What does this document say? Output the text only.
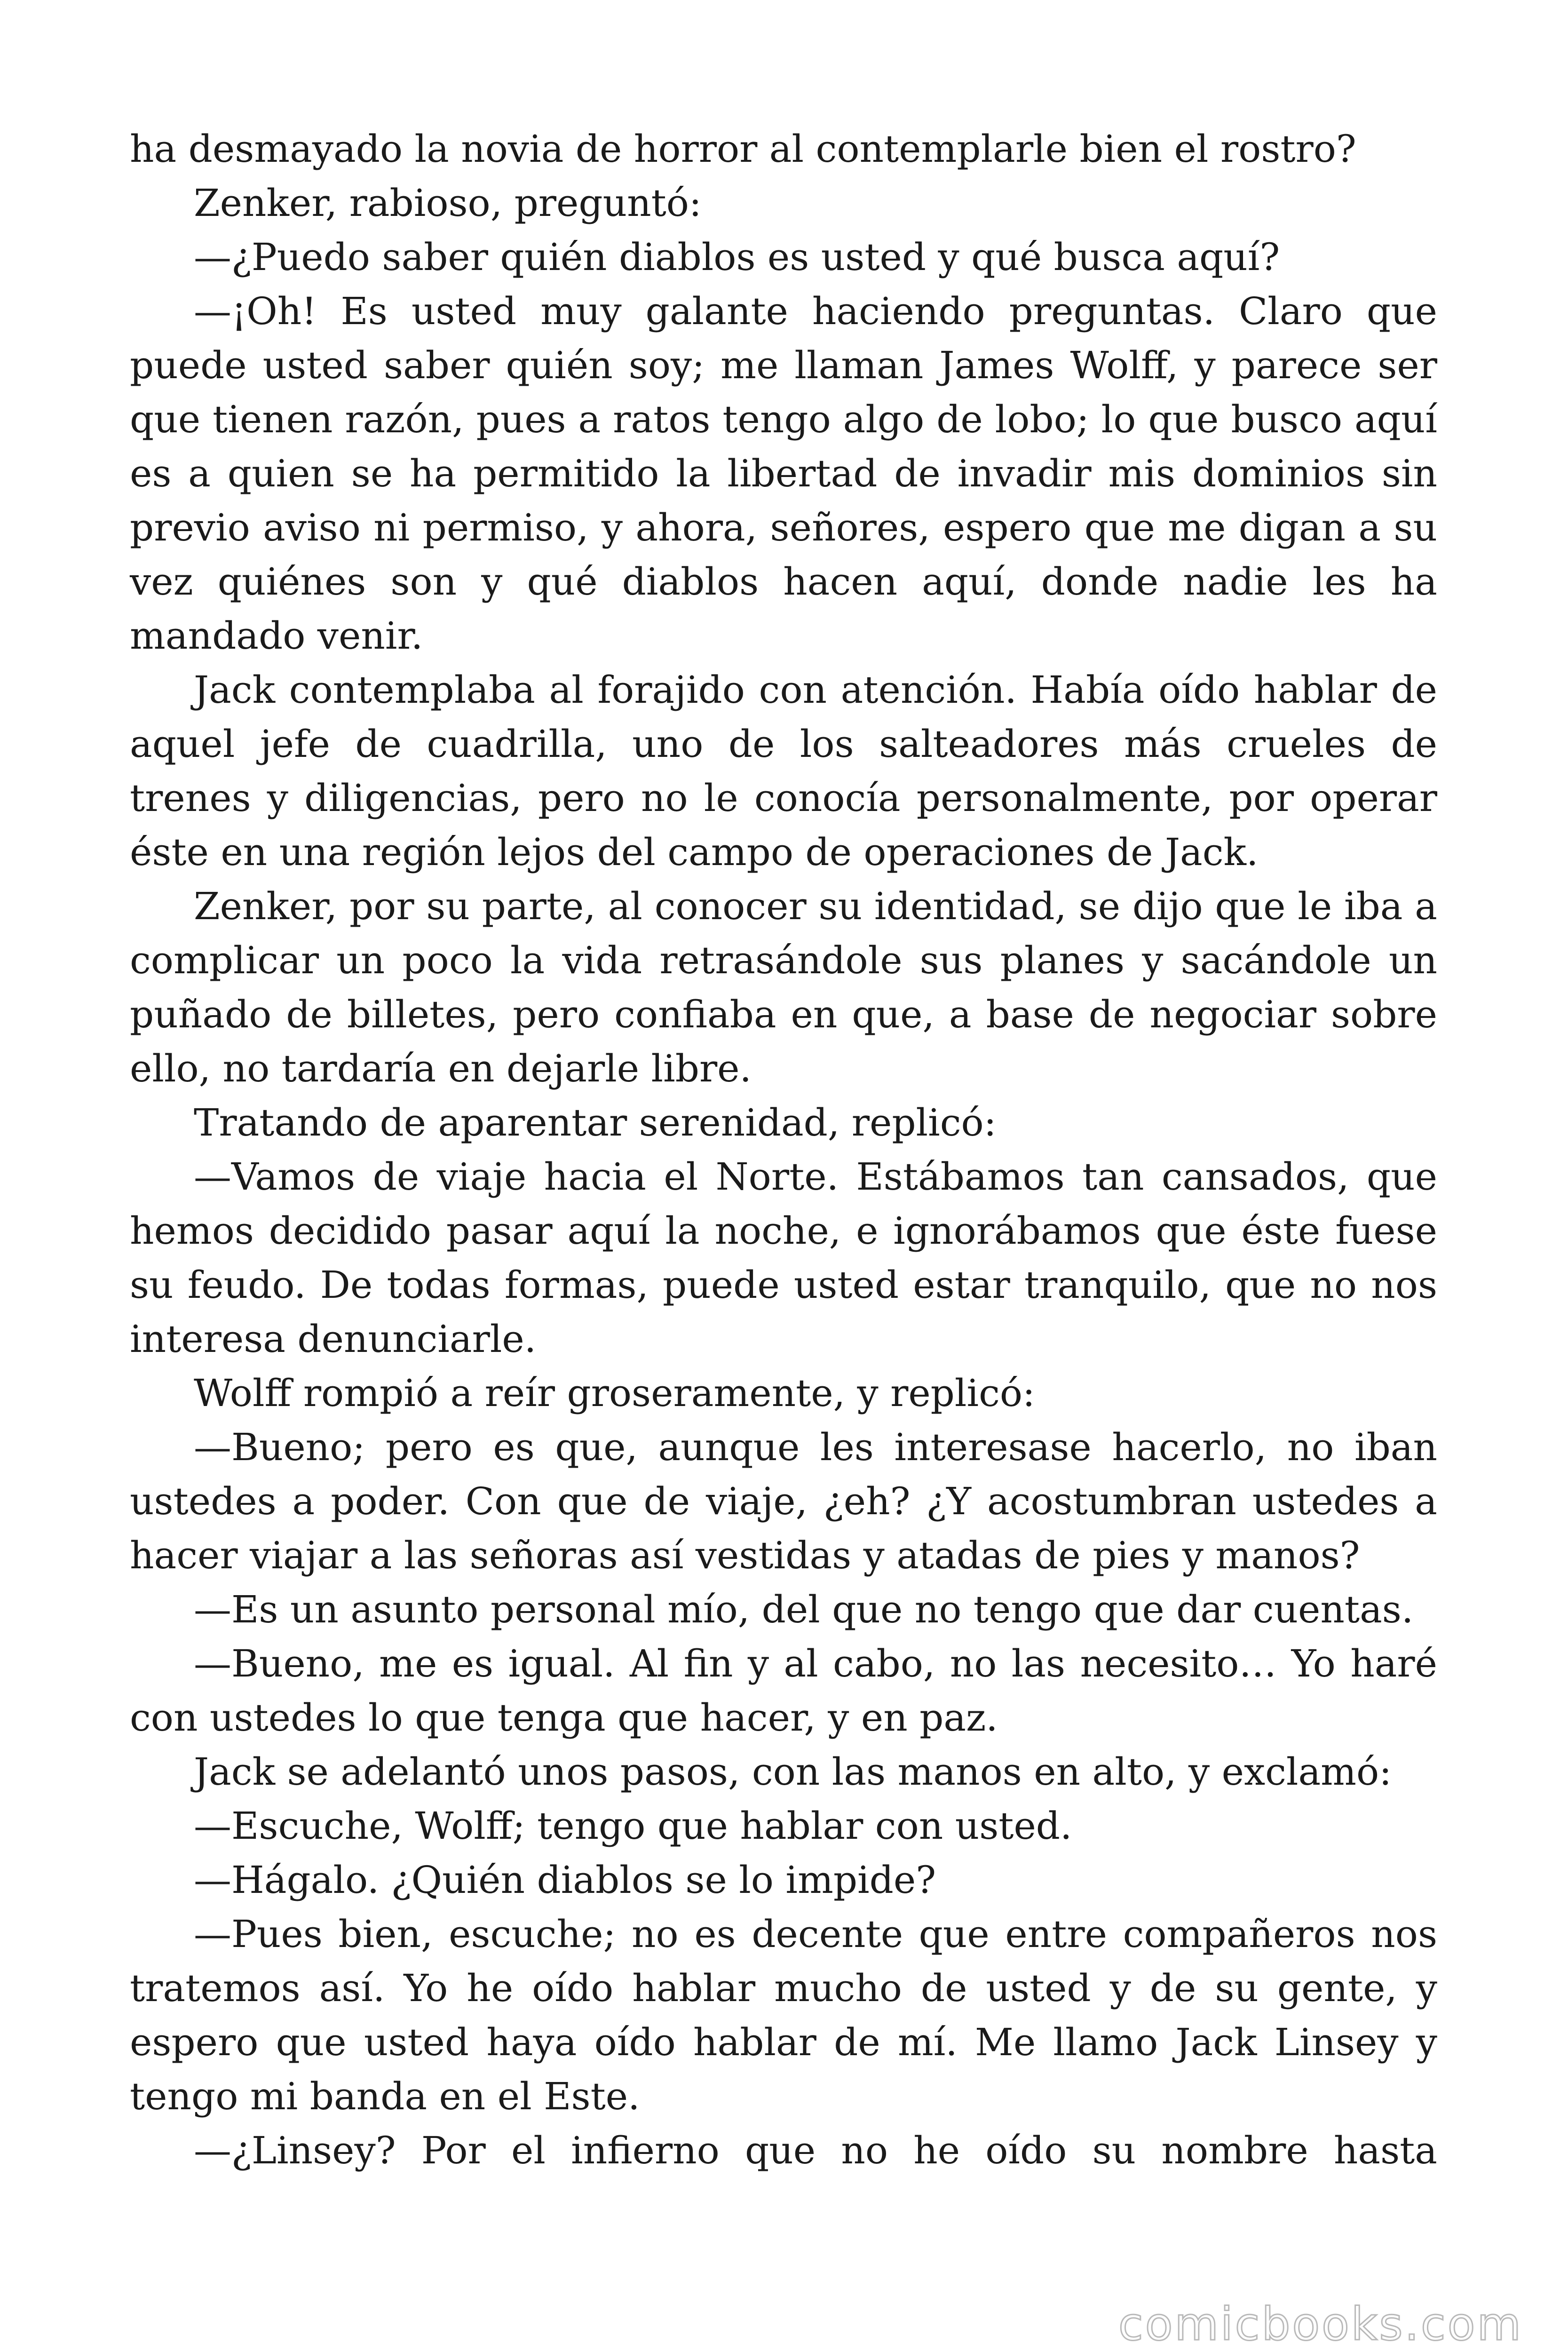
ha desmayado la novia de horror al contemplarle bien el rostro?

Zenker, rabioso, preguntó:

—¿Puedo saber quién diablos es usted y qué busca aquí?

—¡Oh! Es usted muy galante haciendo preguntas. Claro que puede usted saber quién soy; me llaman James Wolff, y parece ser que tienen razón, pues a ratos tengo algo de lobo; lo que busco aquí es a quien se ha permitido la libertad de invadir mis dominios sin previo aviso ni permiso, y ahora, señores, espero que me digan a su vez quiénes son y qué diablos hacen aquí, donde nadie les ha mandado venir.

Jack contemplaba al forajido con atención. Había oído hablar de aquel jefe de cuadrilla, uno de los salteadores más crueles de trenes y diligencias, pero no le conocía personalmente, por operar éste en una región lejos del campo de operaciones de Jack.

Zenker, por su parte, al conocer su identidad, se dijo que le iba a complicar un poco la vida retrasándole sus planes y sacándole un puñado de billetes, pero confiaba en que, a base de negociar sobre ello, no tardaría en dejarle libre.

Tratando de aparentar serenidad, replicó:

—Vamos de viaje hacia el Norte. Estábamos tan cansados, que hemos decidido pasar aquí la noche, e ignorábamos que éste fuese su feudo. De todas formas, puede usted estar tranquilo, que no nos interesa denunciarle.

Wolff rompió a reír groseramente, y replicó:

—Bueno; pero es que, aunque les interesase hacerlo, no iban ustedes a poder. Con que de viaje, ¿eh? ¿Y acostumbran ustedes a hacer viajar a las señoras así vestidas y atadas de pies y manos?

—Es un asunto personal mío, del que no tengo que dar cuentas.

—Bueno, me es igual. Al fin y al cabo, no las necesito… Yo haré con ustedes lo que tenga que hacer, y en paz.

Jack se adelantó unos pasos, con las manos en alto, y exclamó:

—Escuche, Wolff; tengo que hablar con usted.

—Hágalo. ¿Quién diablos se lo impide?

—Pues bien, escuche; no es decente que entre compañeros nos tratemos así. Yo he oído hablar mucho de usted y de su gente, y espero que usted haya oído hablar de mí. Me llamo Jack Linsey y tengo mi banda en el Este.

—¿Linsey? Por el infierno que no he oído su nombre hasta

comicbooks.com
